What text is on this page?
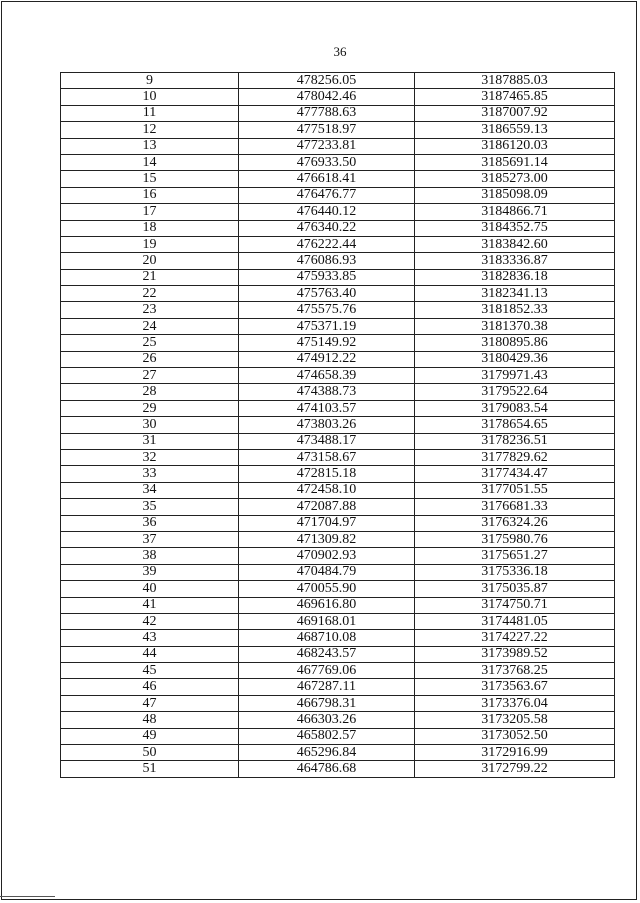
36
9	478256.05	3187885.03
10	478042.46	3187465.85
11	477788.63	3187007.92
12	477518.97	3186559.13
13	477233.81	3186120.03
14	476933.50	3185691.14
15	476618.41	3185273.00
16	476476.77	3185098.09
17	476440.12	3184866.71
18	476340.22	3184352.75
19	476222.44	3183842.60
20	476086.93	3183336.87
21	475933.85	3182836.18
22	475763.40	3182341.13
23	475575.76	3181852.33
24	475371.19	3181370.38
25	475149.92	3180895.86
26	474912.22	3180429.36
27	474658.39	3179971.43
28	474388.73	3179522.64
29	474103.57	3179083.54
30	473803.26	3178654.65
31	473488.17	3178236.51
32	473158.67	3177829.62
33	472815.18	3177434.47
34	472458.10	3177051.55
35	472087.88	3176681.33
36	471704.97	3176324.26
37	471309.82	3175980.76
38	470902.93	3175651.27
39	470484.79	3175336.18
40	470055.90	3175035.87
41	469616.80	3174750.71
42	469168.01	3174481.05
43	468710.08	3174227.22
44	468243.57	3173989.52
45	467769.06	3173768.25
46	467287.11	3173563.67
47	466798.31	3173376.04
48	466303.26	3173205.58
49	465802.57	3173052.50
50	465296.84	3172916.99
51	464786.68	3172799.22
